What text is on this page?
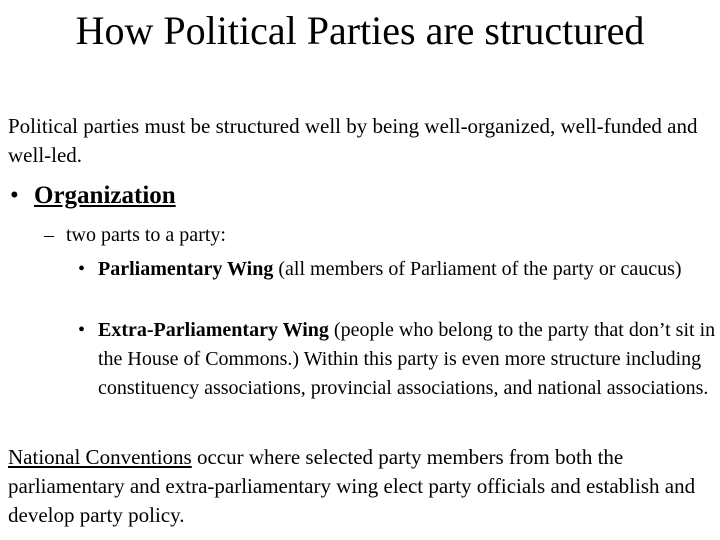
How Political Parties are structured

Political parties must be structured well by being well-organized, well-funded and well-led.

• Organization

– two parts to a party:

• Parliamentary Wing (all members of Parliament of the party or caucus)

• Extra-Parliamentary Wing (people who belong to the party that don’t sit in the House of Commons.) Within this party is even more structure including constituency associations, provincial associations, and national associations.

National Conventions occur where selected party members from both the parliamentary and extra-parliamentary wing elect party officials and establish and develop party policy.
